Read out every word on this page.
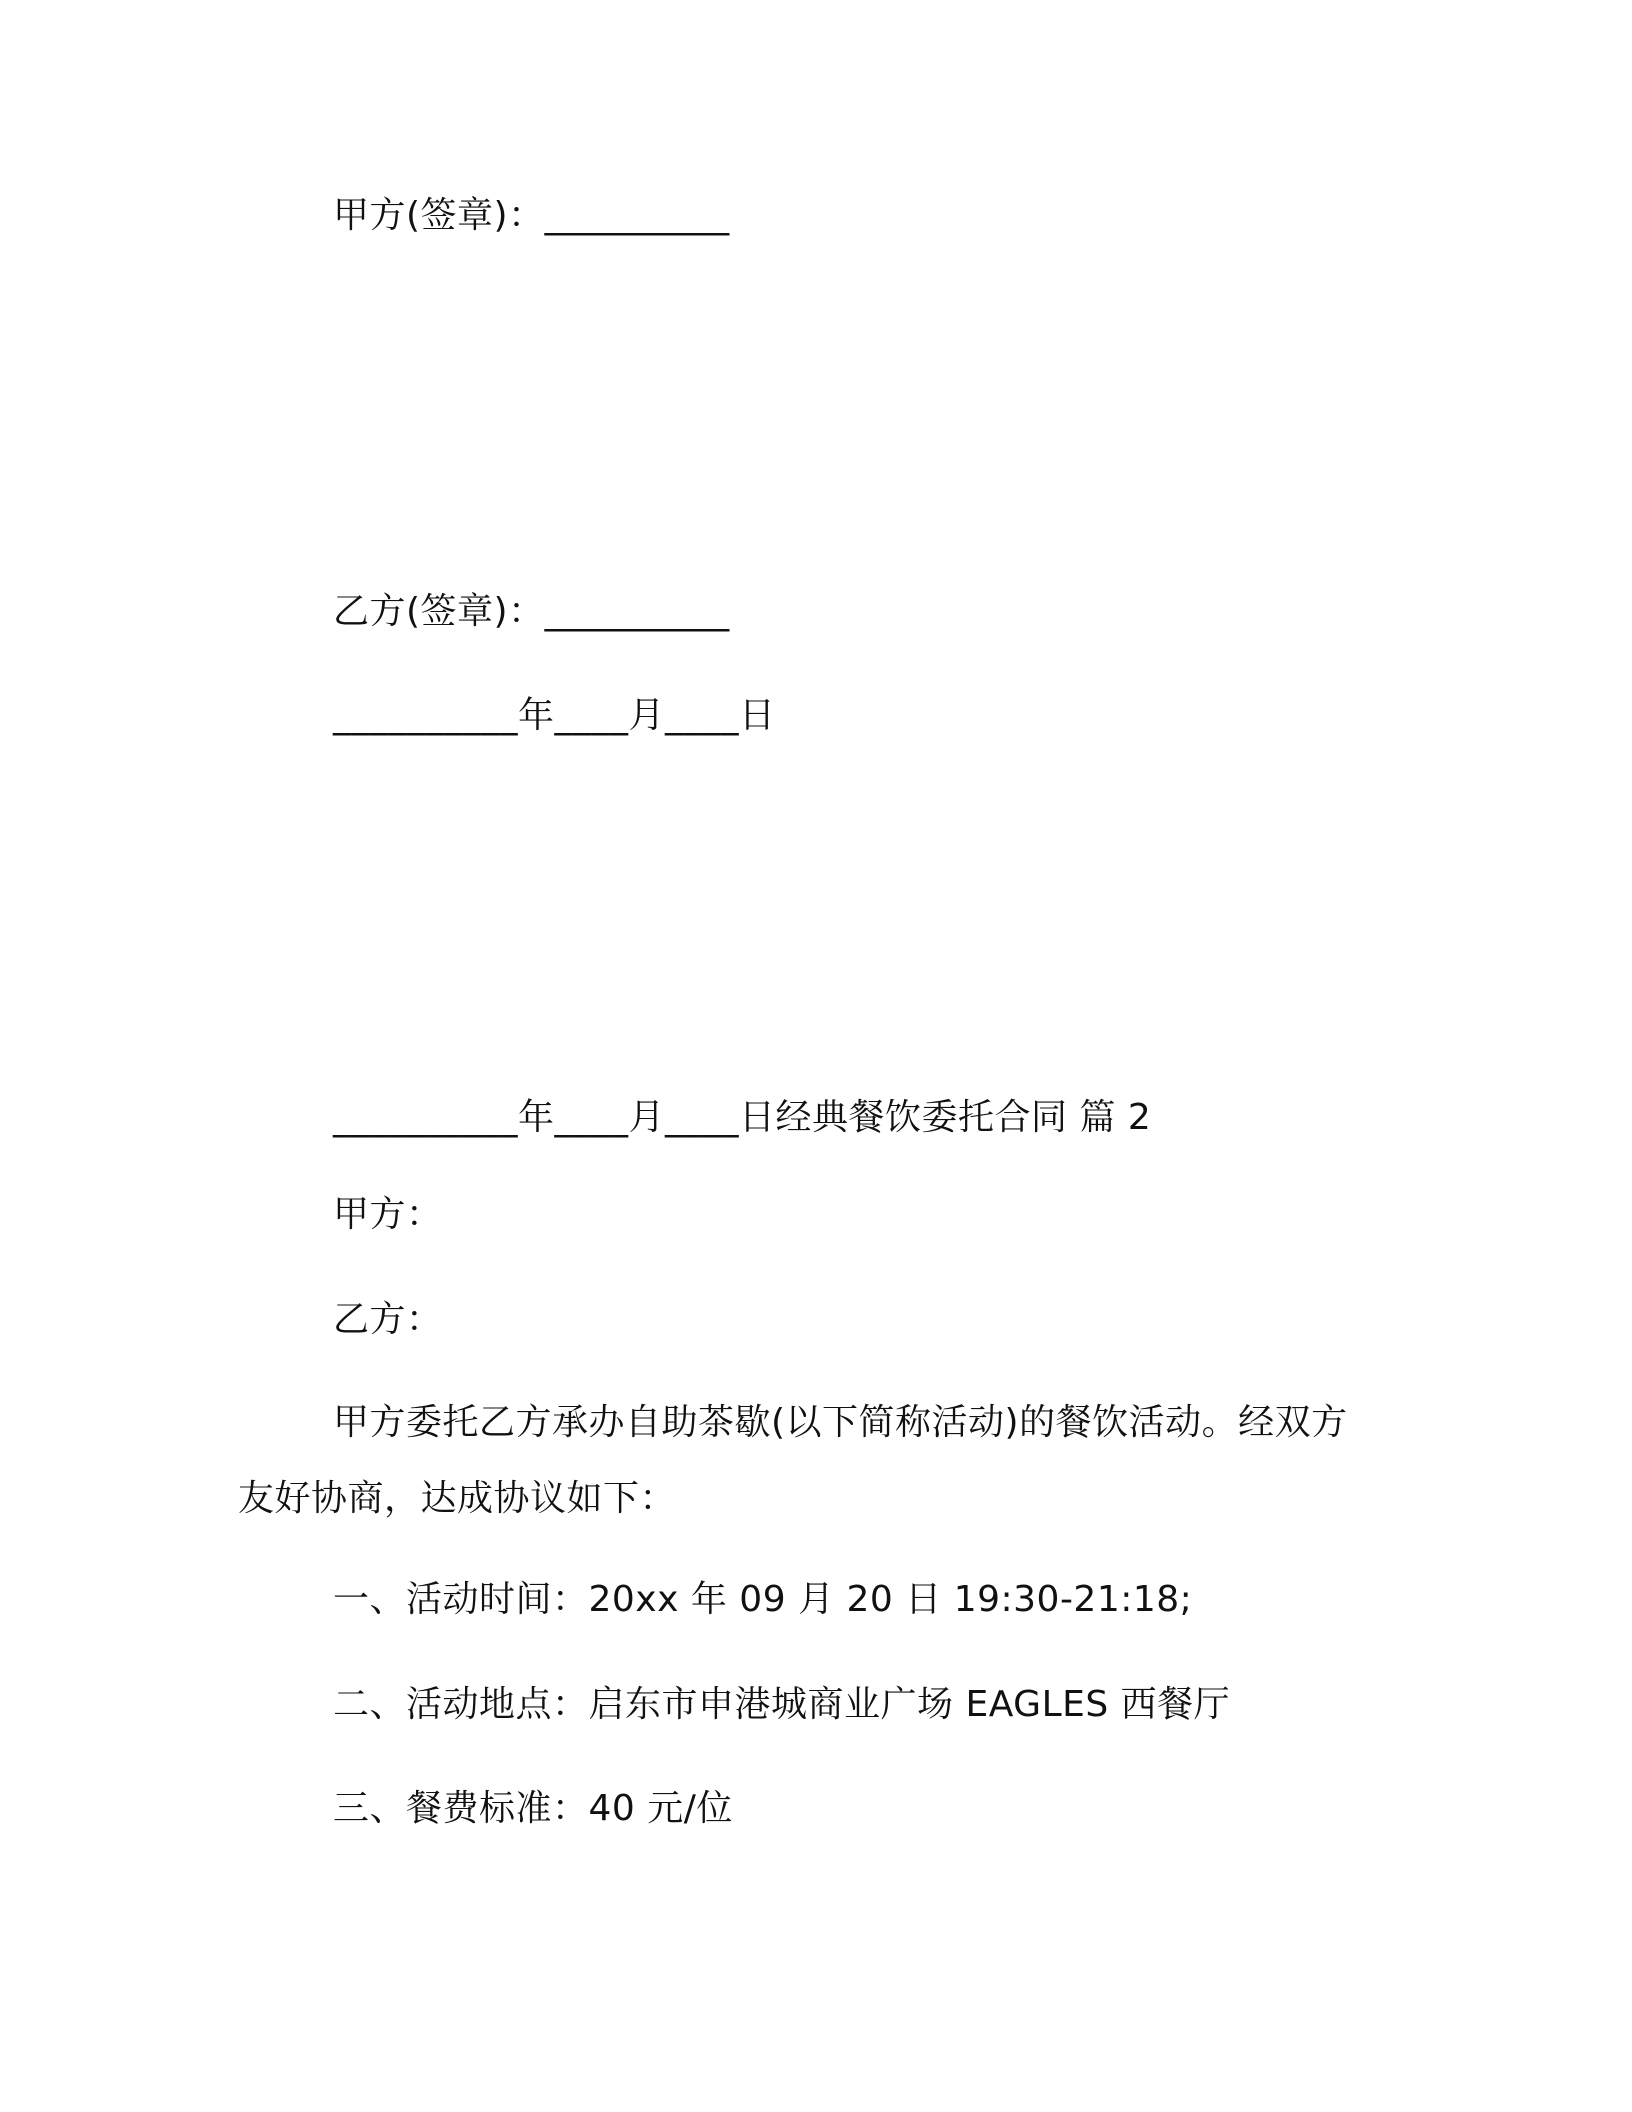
甲方(签章)：__________
乙方(签章)：__________
__________年____月____日
__________年____月____日经典餐饮委托合同 篇 2
甲方：
乙方：
甲方委托乙方承办自助茶歇(以下简称活动)的餐饮活动。经双方友好协商，达成协议如下：
一、活动时间：20xx 年 09 月 20 日 19:30-21:18;
二、活动地点：启东市申港城商业广场 EAGLES 西餐厅
三、餐费标准：40 元/位
